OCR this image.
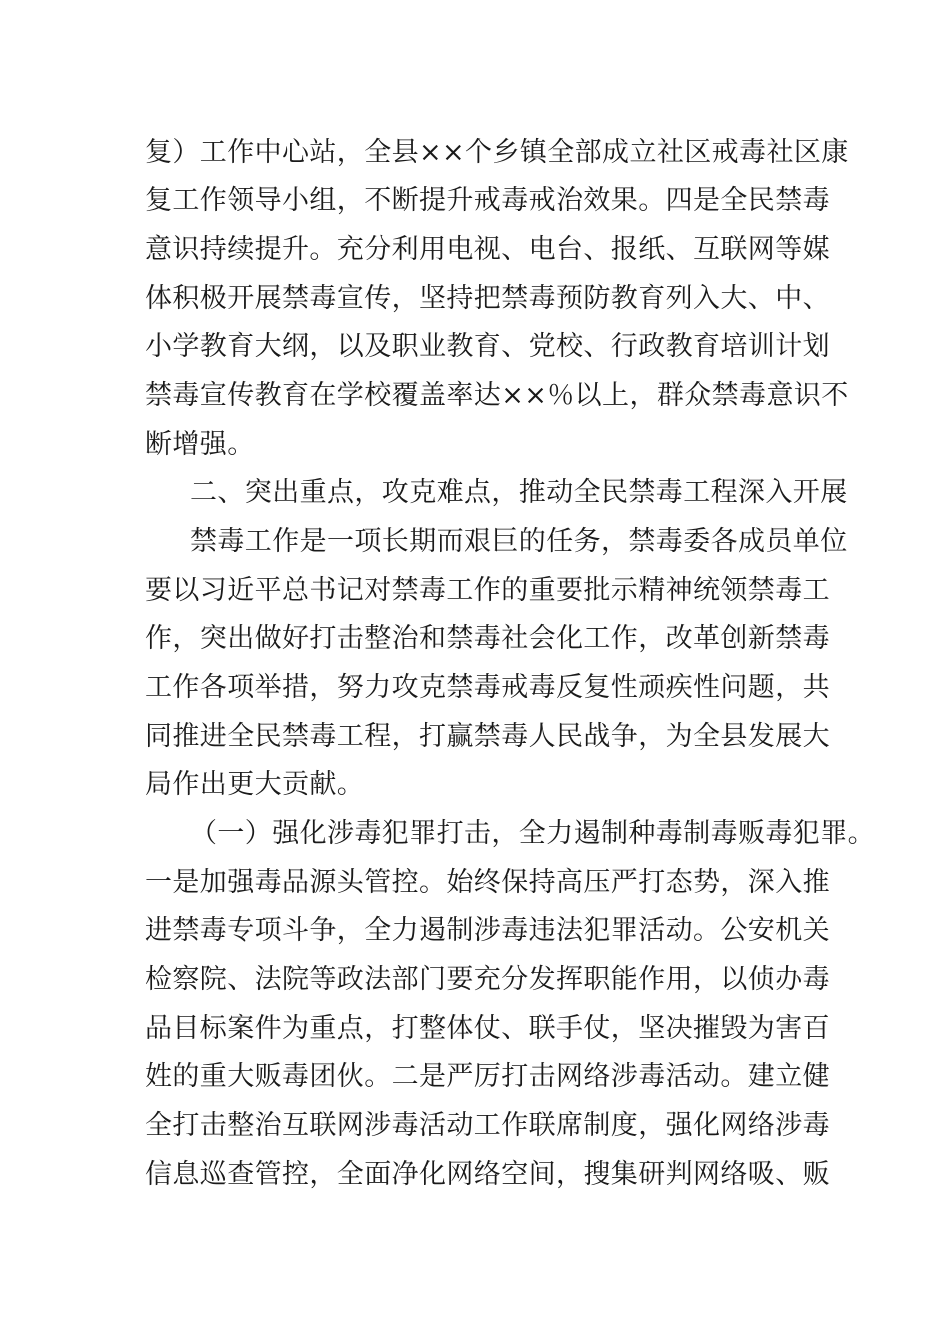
复）工作中心站，全县××个乡镇全部成立社区戒毒社区康
复工作领导小组，不断提升戒毒戒治效果。四是全民禁毒
意识持续提升。充分利用电视、电台、报纸、互联网等媒
体积极开展禁毒宣传，坚持把禁毒预防教育列入大、中、
小学教育大纲，以及职业教育、党校、行政教育培训计划
禁毒宣传教育在学校覆盖率达××％以上，群众禁毒意识不
断增强。
二、突出重点，攻克难点，推动全民禁毒工程深入开展
禁毒工作是一项长期而艰巨的任务，禁毒委各成员单位
要以习近平总书记对禁毒工作的重要批示精神统领禁毒工
作，突出做好打击整治和禁毒社会化工作，改革创新禁毒
工作各项举措，努力攻克禁毒戒毒反复性顽疾性问题，共
同推进全民禁毒工程，打赢禁毒人民战争，为全县发展大
局作出更大贡献。
（一）强化涉毒犯罪打击，全力遏制种毒制毒贩毒犯罪。
一是加强毒品源头管控。始终保持高压严打态势，深入推
进禁毒专项斗争，全力遏制涉毒违法犯罪活动。公安机关
检察院、法院等政法部门要充分发挥职能作用，以侦办毒
品目标案件为重点，打整体仗、联手仗，坚决摧毁为害百
姓的重大贩毒团伙。二是严厉打击网络涉毒活动。建立健
全打击整治互联网涉毒活动工作联席制度，强化网络涉毒
信息巡查管控，全面净化网络空间，搜集研判网络吸、贩
